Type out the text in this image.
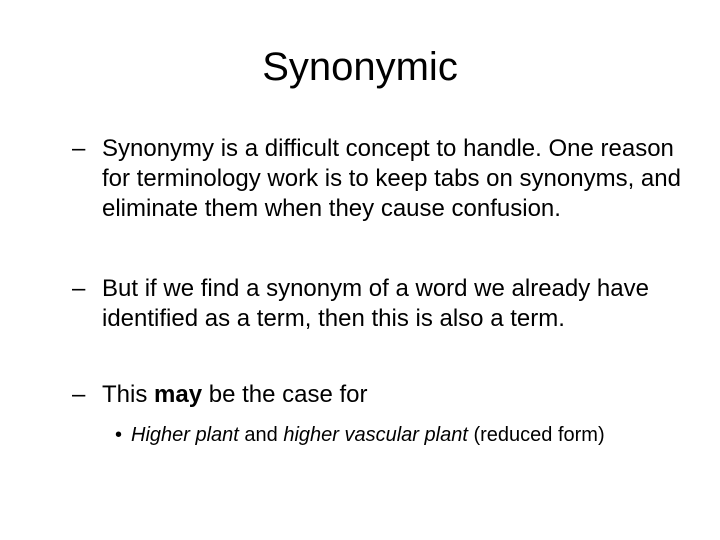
Synonymic
– Synonymy is a difficult concept to handle. One reason for terminology work is to keep tabs on synonyms, and eliminate them when they cause confusion.
– But if we find a synonym of a word we already have identified as a term, then this is also a term.
– This may be the case for
• Higher plant and higher vascular plant (reduced form)
